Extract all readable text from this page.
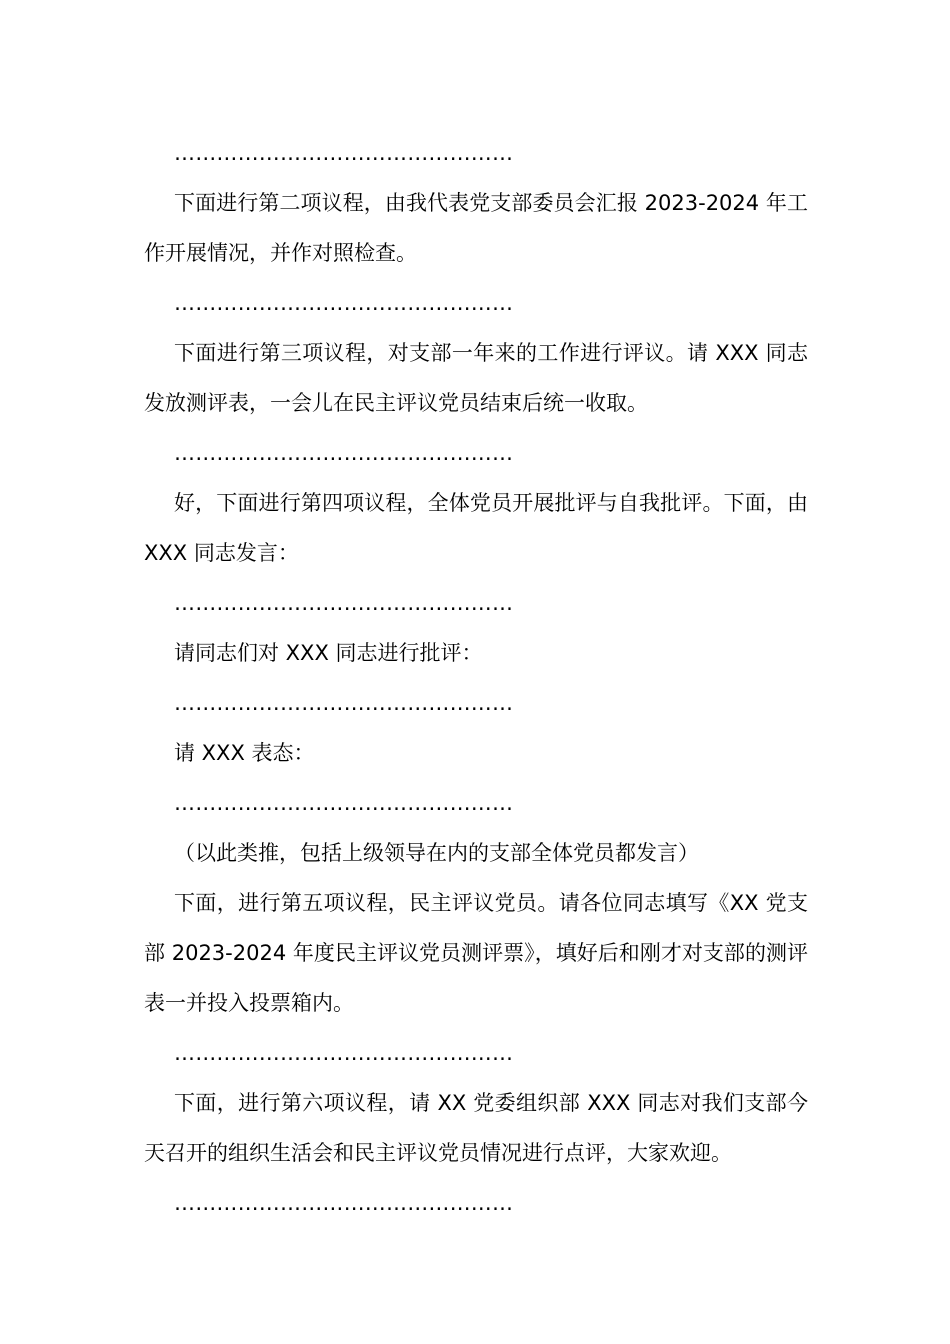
…………………………………………

下面进行第二项议程，由我代表党支部委员会汇报 2023-2024 年工作开展情况，并作对照检查。

…………………………………………

下面进行第三项议程，对支部一年来的工作进行评议。请 XXX 同志发放测评表，一会儿在民主评议党员结束后统一收取。

…………………………………………

好，下面进行第四项议程，全体党员开展批评与自我批评。下面，由 XXX 同志发言：

…………………………………………

请同志们对 XXX 同志进行批评：

…………………………………………

请 XXX 表态：

…………………………………………

（以此类推，包括上级领导在内的支部全体党员都发言）

下面，进行第五项议程，民主评议党员。请各位同志填写《XX 党支部 2023-2024 年度民主评议党员测评票》，填好后和刚才对支部的测评表一并投入投票箱内。

…………………………………………

下面，进行第六项议程，请 XX 党委组织部 XXX 同志对我们支部今天召开的组织生活会和民主评议党员情况进行点评，大家欢迎。

…………………………………………
